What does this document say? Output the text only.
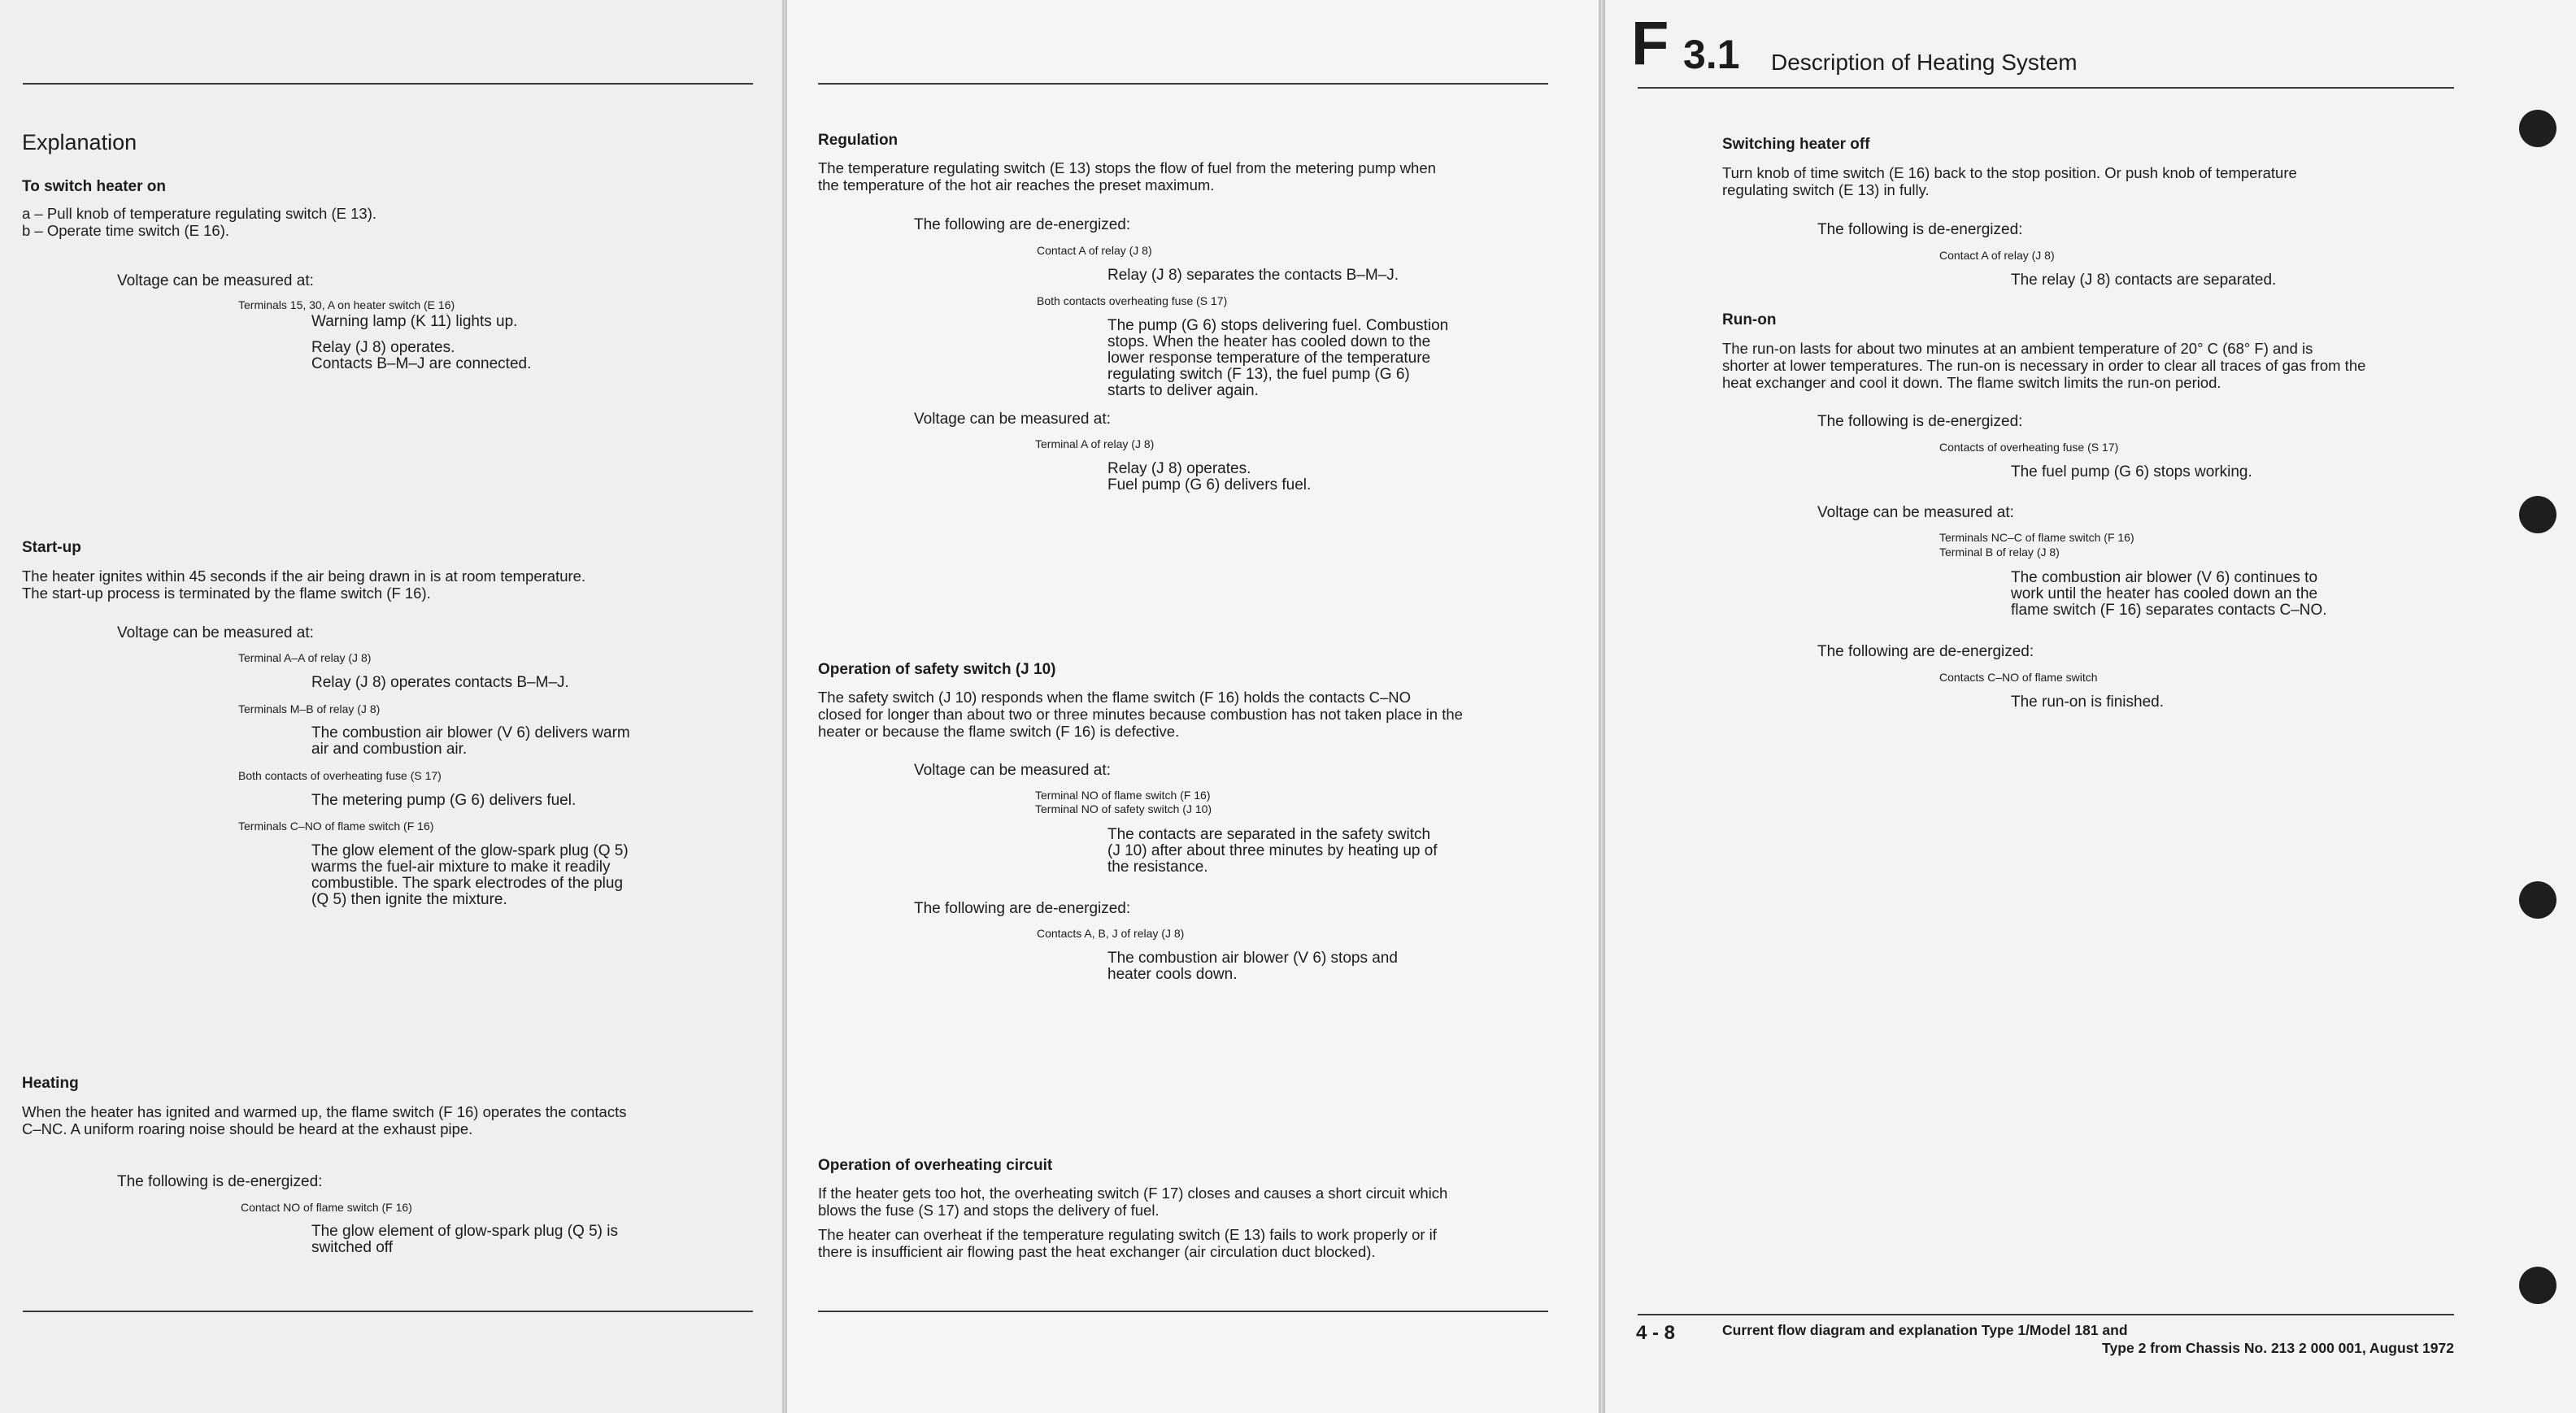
Explanation
To switch heater on
a – Pull knob of temperature regulating switch (E 13).
b – Operate time switch (E 16).
Voltage can be measured at:
Terminals 15, 30, A on heater switch (E 16)
Warning lamp (K 11) lights up.
Relay (J 8) operates.
Contacts B–M–J are connected.
Start-up
The heater ignites within 45 seconds if the air being drawn in is at room temperature.
The start-up process is terminated by the flame switch (F 16).
Voltage can be measured at:
Terminal A–A of relay (J 8)
Relay (J 8) operates contacts B–M–J.
Terminals M–B of relay (J 8)
The combustion air blower (V 6) delivers warm
air and combustion air.
Both contacts of overheating fuse (S 17)
The metering pump (G 6) delivers fuel.
Terminals C–NO of flame switch (F 16)
The glow element of the glow-spark plug (Q 5)
warms the fuel-air mixture to make it readily
combustible. The spark electrodes of the plug
(Q 5) then ignite the mixture.
Heating
When the heater has ignited and warmed up, the flame switch (F 16) operates the contacts
C–NC. A uniform roaring noise should be heard at the exhaust pipe.
The following is de-energized:
Contact NO of flame switch (F 16)
The glow element of glow-spark plug (Q 5) is
switched off
Regulation
The temperature regulating switch (E 13) stops the flow of fuel from the metering pump when
the temperature of the hot air reaches the preset maximum.
The following are de-energized:
Contact A of relay (J 8)
Relay (J 8) separates the contacts B–M–J.
Both contacts overheating fuse (S 17)
The pump (G 6) stops delivering fuel. Combustion
stops. When the heater has cooled down to the
lower response temperature of the temperature
regulating switch (F 13), the fuel pump (G 6)
starts to deliver again.
Voltage can be measured at:
Terminal A of relay (J 8)
Relay (J 8) operates.
Fuel pump (G 6) delivers fuel.
Operation of safety switch (J 10)
The safety switch (J 10) responds when the flame switch (F 16) holds the contacts C–NO
closed for longer than about two or three minutes because combustion has not taken place in the
heater or because the flame switch (F 16) is defective.
Voltage can be measured at:
Terminal NO of flame switch (F 16)
Terminal NO of safety switch (J 10)
The contacts are separated in the safety switch
(J 10) after about three minutes by heating up of
the resistance.
The following are de-energized:
Contacts A, B, J of relay (J 8)
The combustion air blower (V 6) stops and
heater cools down.
Operation of overheating circuit
If the heater gets too hot, the overheating switch (F 17) closes and causes a short circuit which
blows the fuse (S 17) and stops the delivery of fuel.
The heater can overheat if the temperature regulating switch (E 13) fails to work properly or if
there is insufficient air flowing past the heat exchanger (air circulation duct blocked).
F 3.1 Description of Heating System
Switching heater off
Turn knob of time switch (E 16) back to the stop position. Or push knob of temperature
regulating switch (E 13) in fully.
The following is de-energized:
Contact A of relay (J 8)
The relay (J 8) contacts are separated.
Run-on
The run-on lasts for about two minutes at an ambient temperature of 20° C (68° F) and is
shorter at lower temperatures. The run-on is necessary in order to clear all traces of gas from the
heat exchanger and cool it down. The flame switch limits the run-on period.
The following is de-energized:
Contacts of overheating fuse (S 17)
The fuel pump (G 6) stops working.
Voltage can be measured at:
Terminals NC–C of flame switch (F 16)
Terminal B of relay (J 8)
The combustion air blower (V 6) continues to
work until the heater has cooled down an the
flame switch (F 16) separates contacts C–NO.
The following are de-energized:
Contacts C–NO of flame switch
The run-on is finished.
4 - 8	Current flow diagram and explanation Type 1/Model 181 and
Type 2 from Chassis No. 213 2 000 001, August 1972
